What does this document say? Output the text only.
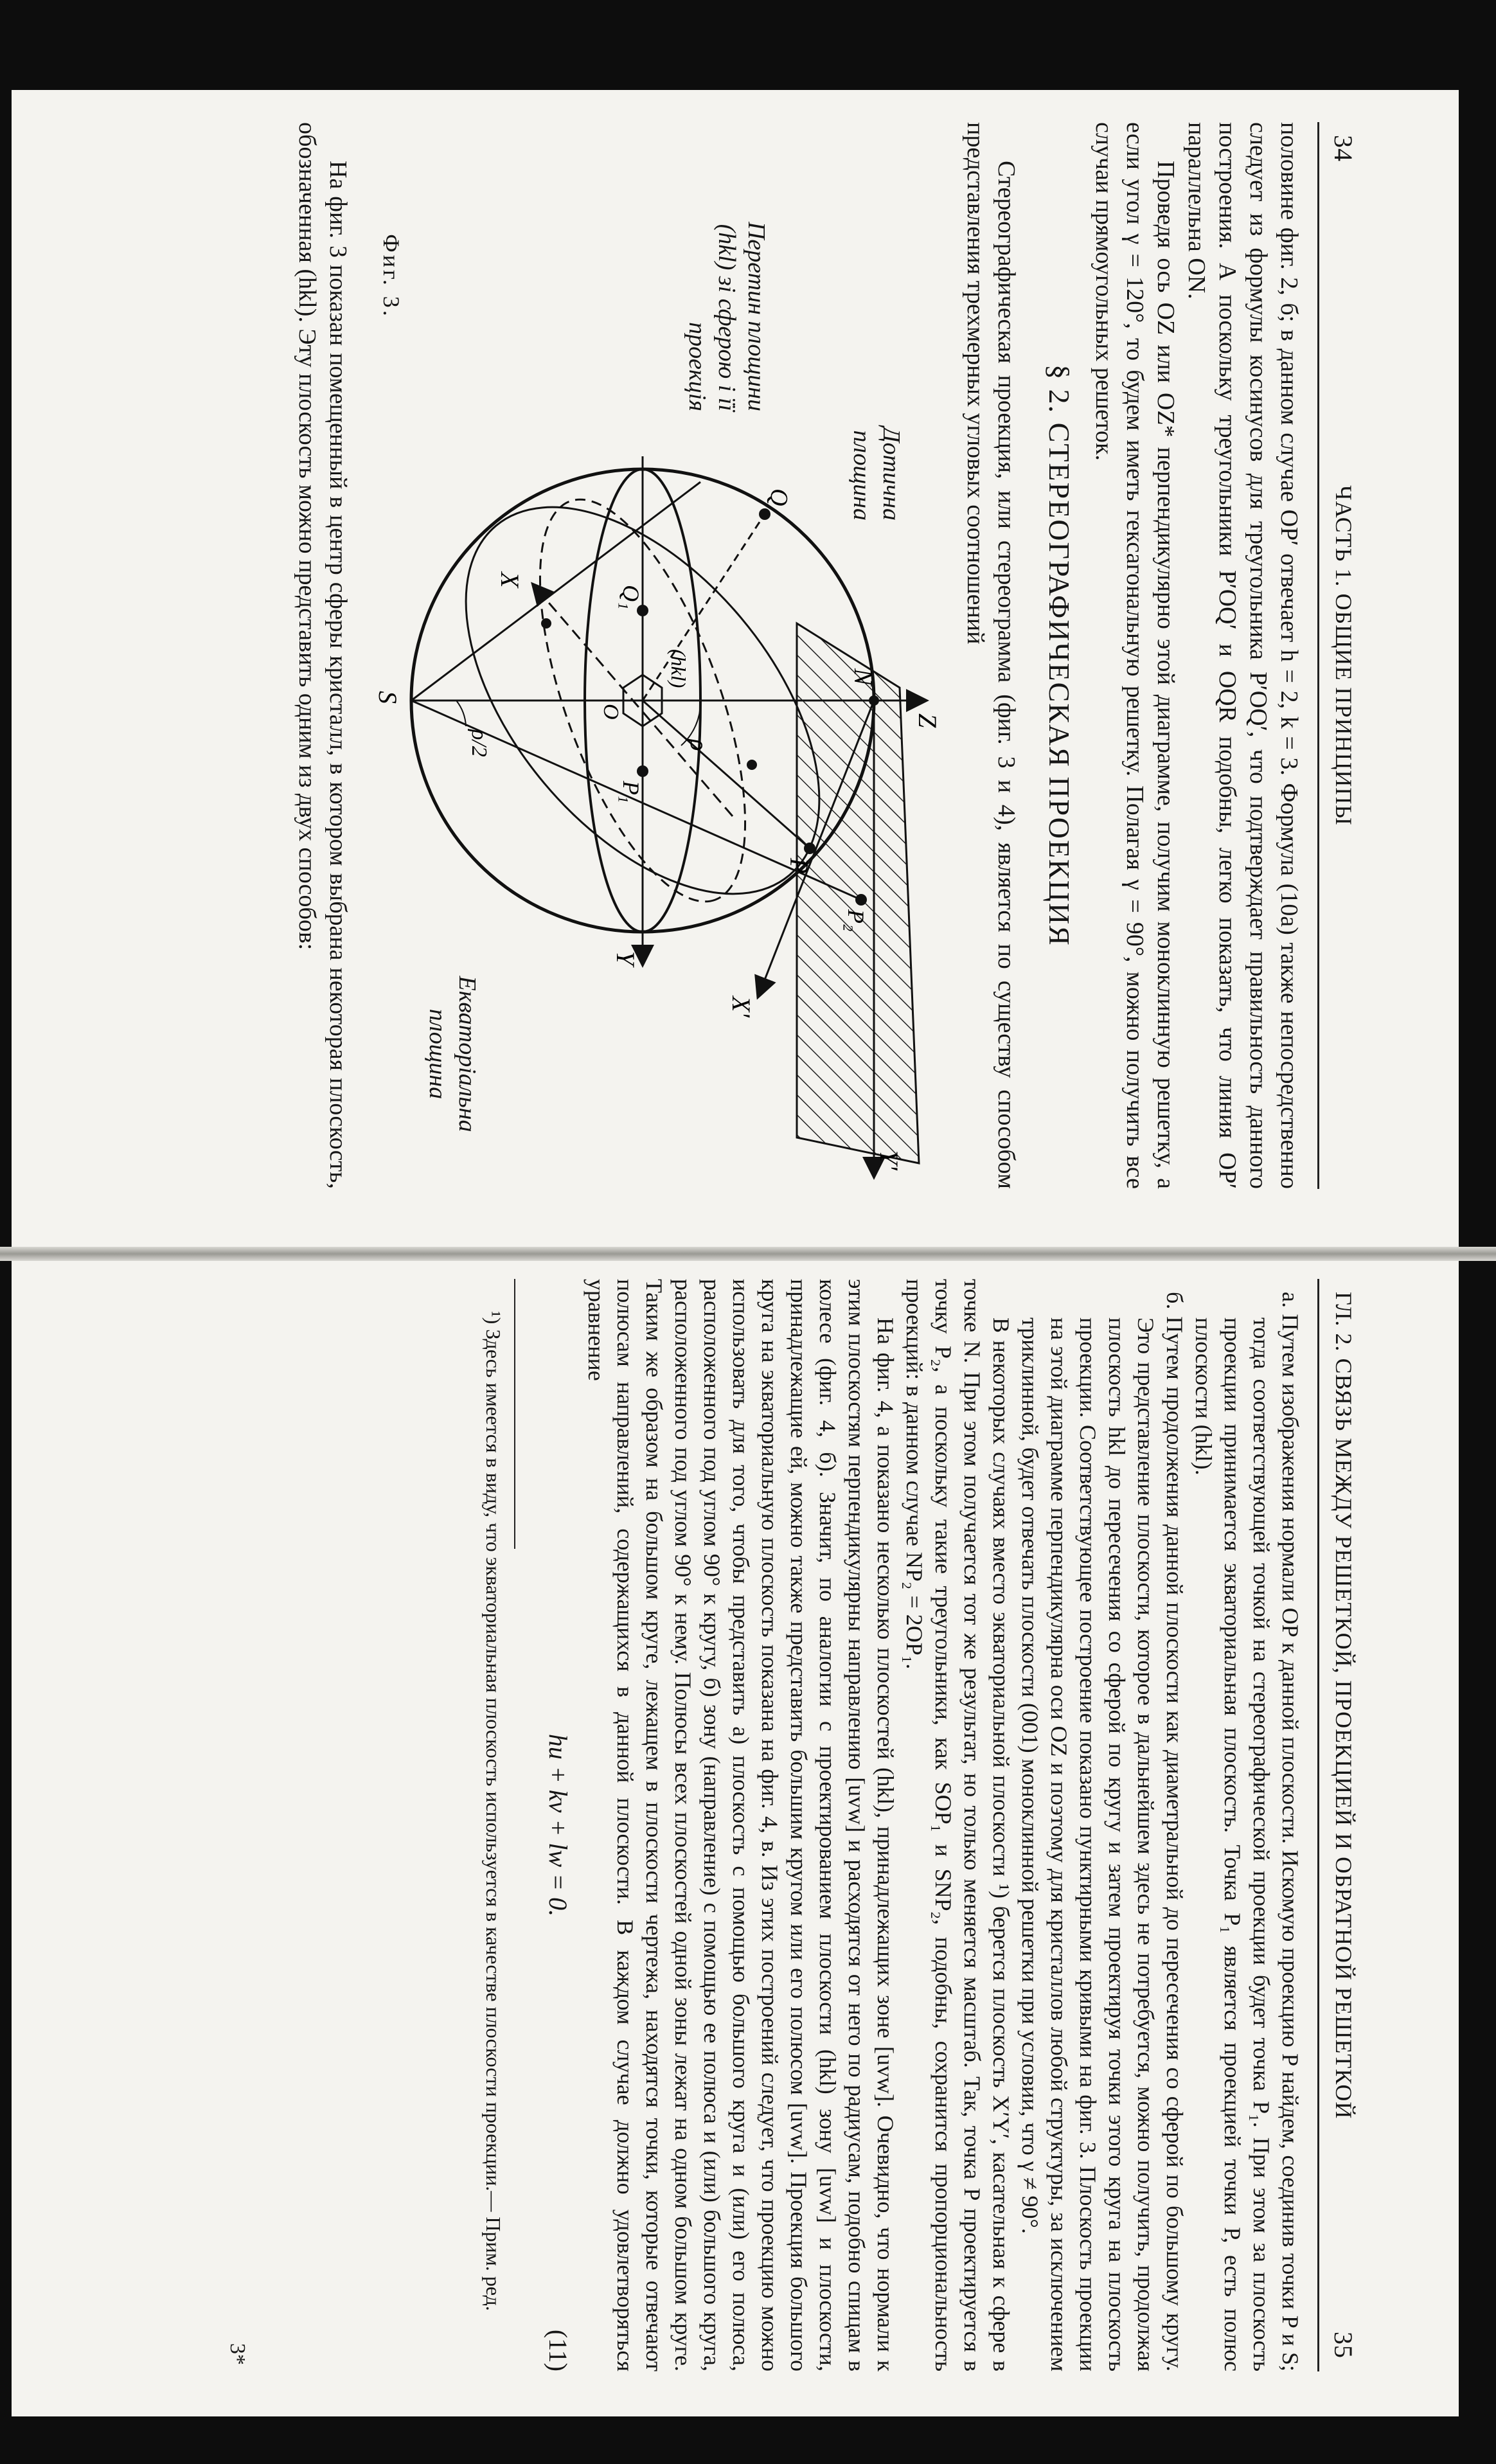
34
ЧАСТЬ 1. ОБЩИЕ ПРИНЦИПЫ

половине фиг. 2, б; в данном случае OP′ отвечает h = 2, k = 3. Формула (10а) также непосредственно следует из формулы косинусов для треугольника P′OQ′, что подтверждает правильность данного построения. А поскольку треугольники P′OQ′ и OQR подобны, легко показать, что линия OP′ параллельна ON.

Проведя ось OZ или OZ* перпендикулярно этой диаграмме, получим моноклинную решетку, а если угол γ = 120°, то будем иметь гексагональную решетку. Полагая γ = 90°, можно получить все случаи прямоугольных решеток.

§ 2. СТЕРЕОГРАФИЧЕСКАЯ ПРОЕКЦИЯ

Стереографическая проекция, или стереограмма (фиг. 3 и 4), является по существу способом представления трехмерных угловых соотношений

Z
N
P
P₂
Y′
X′
Y
X
ρ
ρ/2
O
(hkl)
P₁
Q
Q₁
S
Дотична площина
Перетин площини (hkl) зі сферою і її проекція
Екваторіальна площина
Фиг. 3.

На фиг. 3 показан помещенный в центр сферы кристалл, в котором выбрана некоторая плоскость, обозначенная (hkl). Эту плоскость можно представить одним из двух способов:

ГЛ. 2. СВЯЗЬ МЕЖДУ РЕШЕТКОЙ, ПРОЕКЦИЕЙ И ОБРАТНОЙ РЕШЕТКОЙ
35

а. Путем изображения нормали OP к данной плоскости. Искомую проекцию P найдем, соединив точки P и S; тогда соответствующей точкой на стереографической проекции будет точка P₁. При этом за плоскость проекции принимается экваториальная плоскость. Точка P₁ является проекцией точки P, есть полюс плоскости (hkl).

б. Путем продолжения данной плоскости как диаметральной до пересечения со сферой по большому кругу. Это представление плоскости, которое в дальнейшем здесь не потребуется, можно получить, продолжая плоскость hkl до пересечения со сферой по кругу и затем проектируя точки этого круга на плоскость проекции. Соответствующее построение показано пунктирными кривыми на фиг. 3. Плоскость проекции на этой диаграмме перпендикулярна оси OZ и поэтому для кристаллов любой структуры, за исключением триклинной, будет отвечать плоскости (001) моноклинной решетки при условии, что γ ≠ 90°.

В некоторых случаях вместо экваториальной плоскости ¹) берется плоскость X′Y′, касательная к сфере в точке N. При этом получается тот же результат, но только меняется масштаб. Так, точка P проектируется в точку P₂, а поскольку такие треугольники, как SOP₁ и SNP₂, подобны, сохранится пропорциональность проекций: в данном случае NP₂ = 2OP₁.

На фиг. 4, а показано несколько плоскостей (hkl), принадлежащих зоне [uvw]. Очевидно, что нормали к этим плоскостям перпендикулярны направлению [uvw] и расходятся от него по радиусам, подобно спицам в колесе (фиг. 4, б). Значит, по аналогии с проектированием плоскости (hkl) зону [uvw] и плоскости, принадлежащие ей, можно также представить большим кругом или его полюсом [uvw]. Проекция большого круга на экваториальную плоскость показана на фиг. 4, в. Из этих построений следует, что проекцию можно использовать для того, чтобы представить а) плоскость с помощью большого круга и (или) его полюса, расположенного под углом 90° к кругу, б) зону (направление) с помощью ее полюса и (или) большого круга, расположенного под углом 90° к нему. Полюсы всех плоскостей одной зоны лежат на одном большом круге. Таким же образом на большом круге, лежащем в плоскости чертежа, находятся точки, которые отвечают полюсам направлений, содержащихся в данной плоскости. В каждом случае должно удовлетворяться уравнение

hu + kv + lw = 0.
(11)

¹) Здесь имеется в виду, что экваториальная плоскость используется в качестве плоскости проекции.— Прим. ред.

3*
